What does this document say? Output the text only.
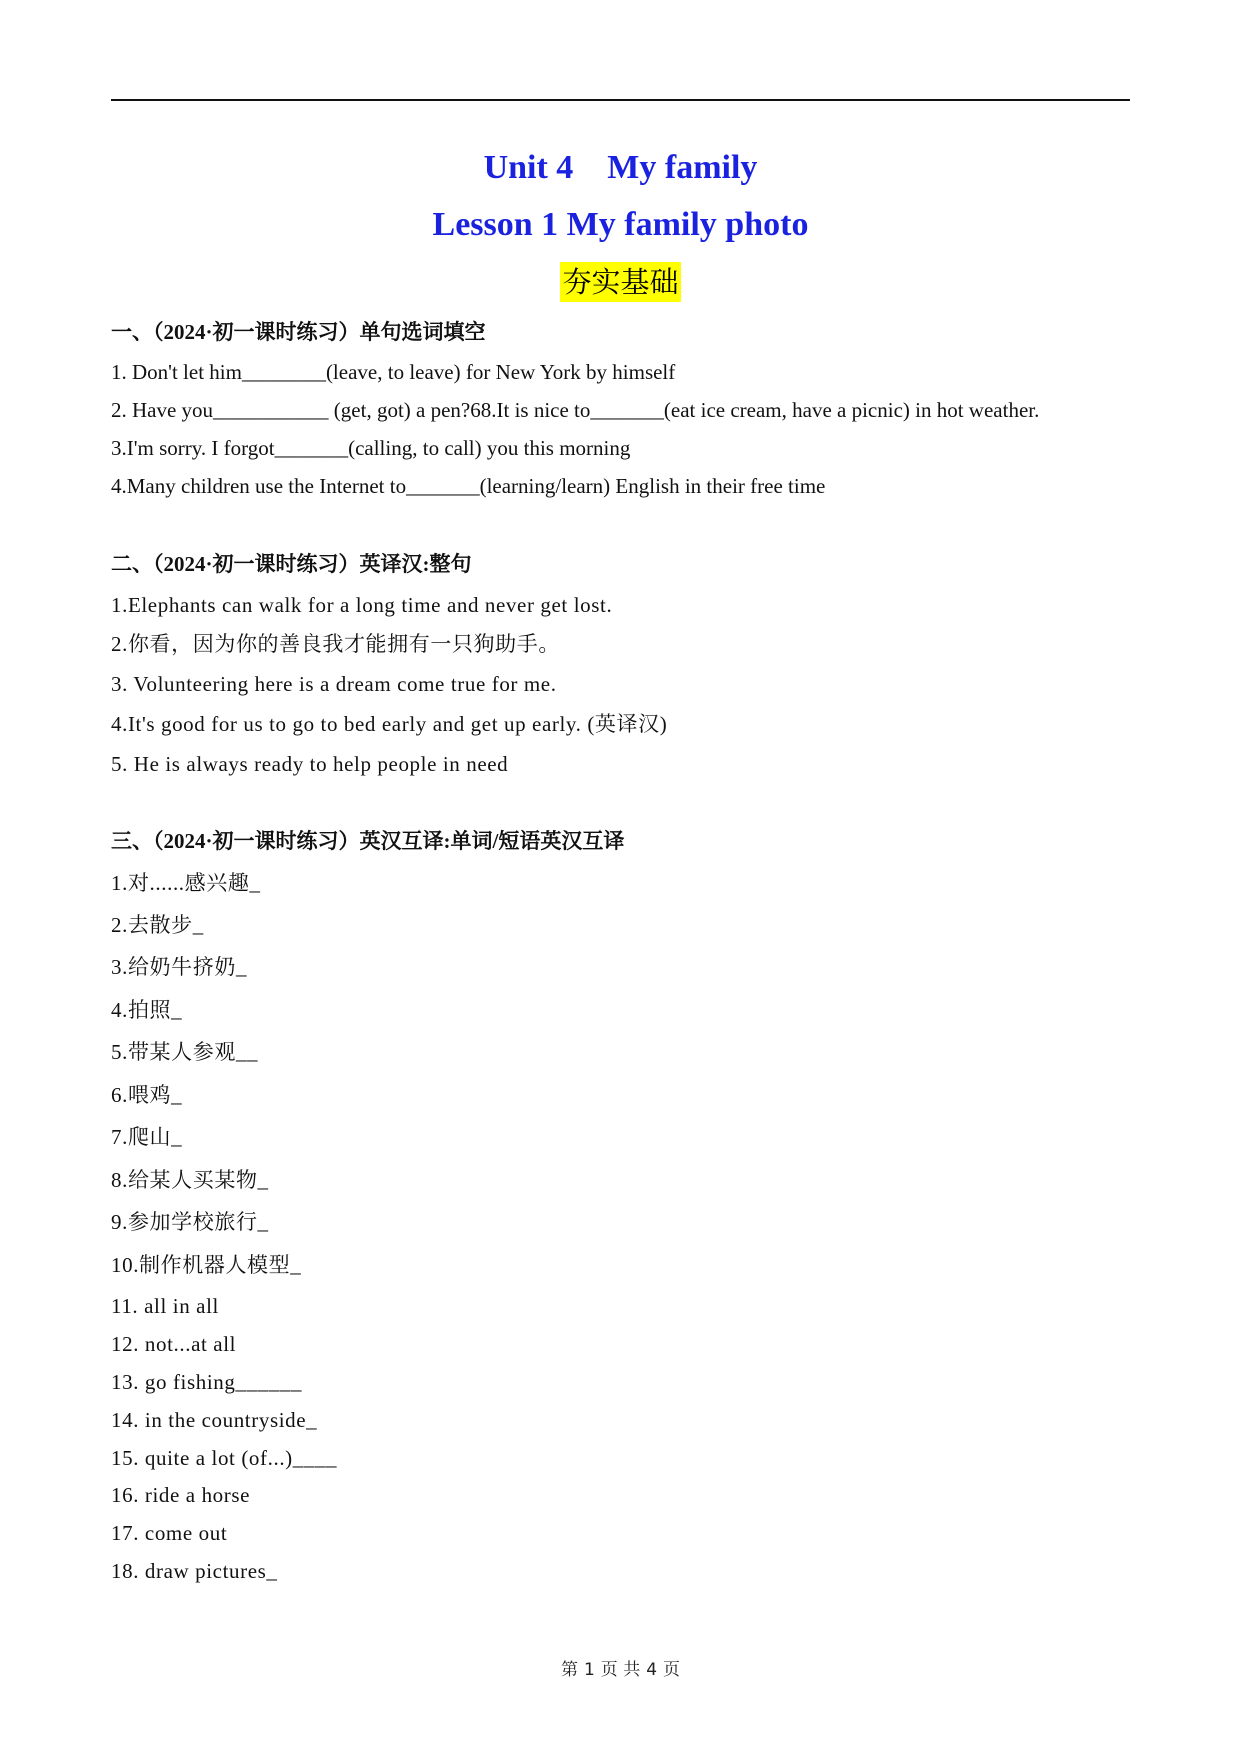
Unit 4    My family
Lesson 1 My family photo
夯实基础
一、（2024·初一课时练习）单句选词填空
1. Don't let him________(leave, to leave) for New York by himself
2. Have you___________ (get, got) a pen?68.It is nice to_______(eat ice cream, have a picnic) in hot weather.
3.I'm sorry. I forgot_______(calling, to call) you this morning
4.Many children use the Internet to_______(learning/learn) English in their free time
二、（2024·初一课时练习）英译汉:整句
1.Elephants can walk for a long time and never get lost.
2.你看，因为你的善良我才能拥有一只狗助手。
3. Volunteering here is a dream come true for me.
4.It's good for us to go to bed early and get up early. (英译汉)
5. He is always ready to help people in need
三、（2024·初一课时练习）英汉互译:单词/短语英汉互译
1.对......感兴趣_
2.去散步_
3.给奶牛挤奶_
4.拍照_
5.带某人参观__
6.喂鸡_
7.爬山_
8.给某人买某物_
9.参加学校旅行_
10.制作机器人模型_
11. all in all
12. not...at all
13. go fishing______
14. in the countryside_
15. quite a lot (of...)____
16. ride a horse
17. come out
18. draw pictures_
第 1 页 共 4 页
